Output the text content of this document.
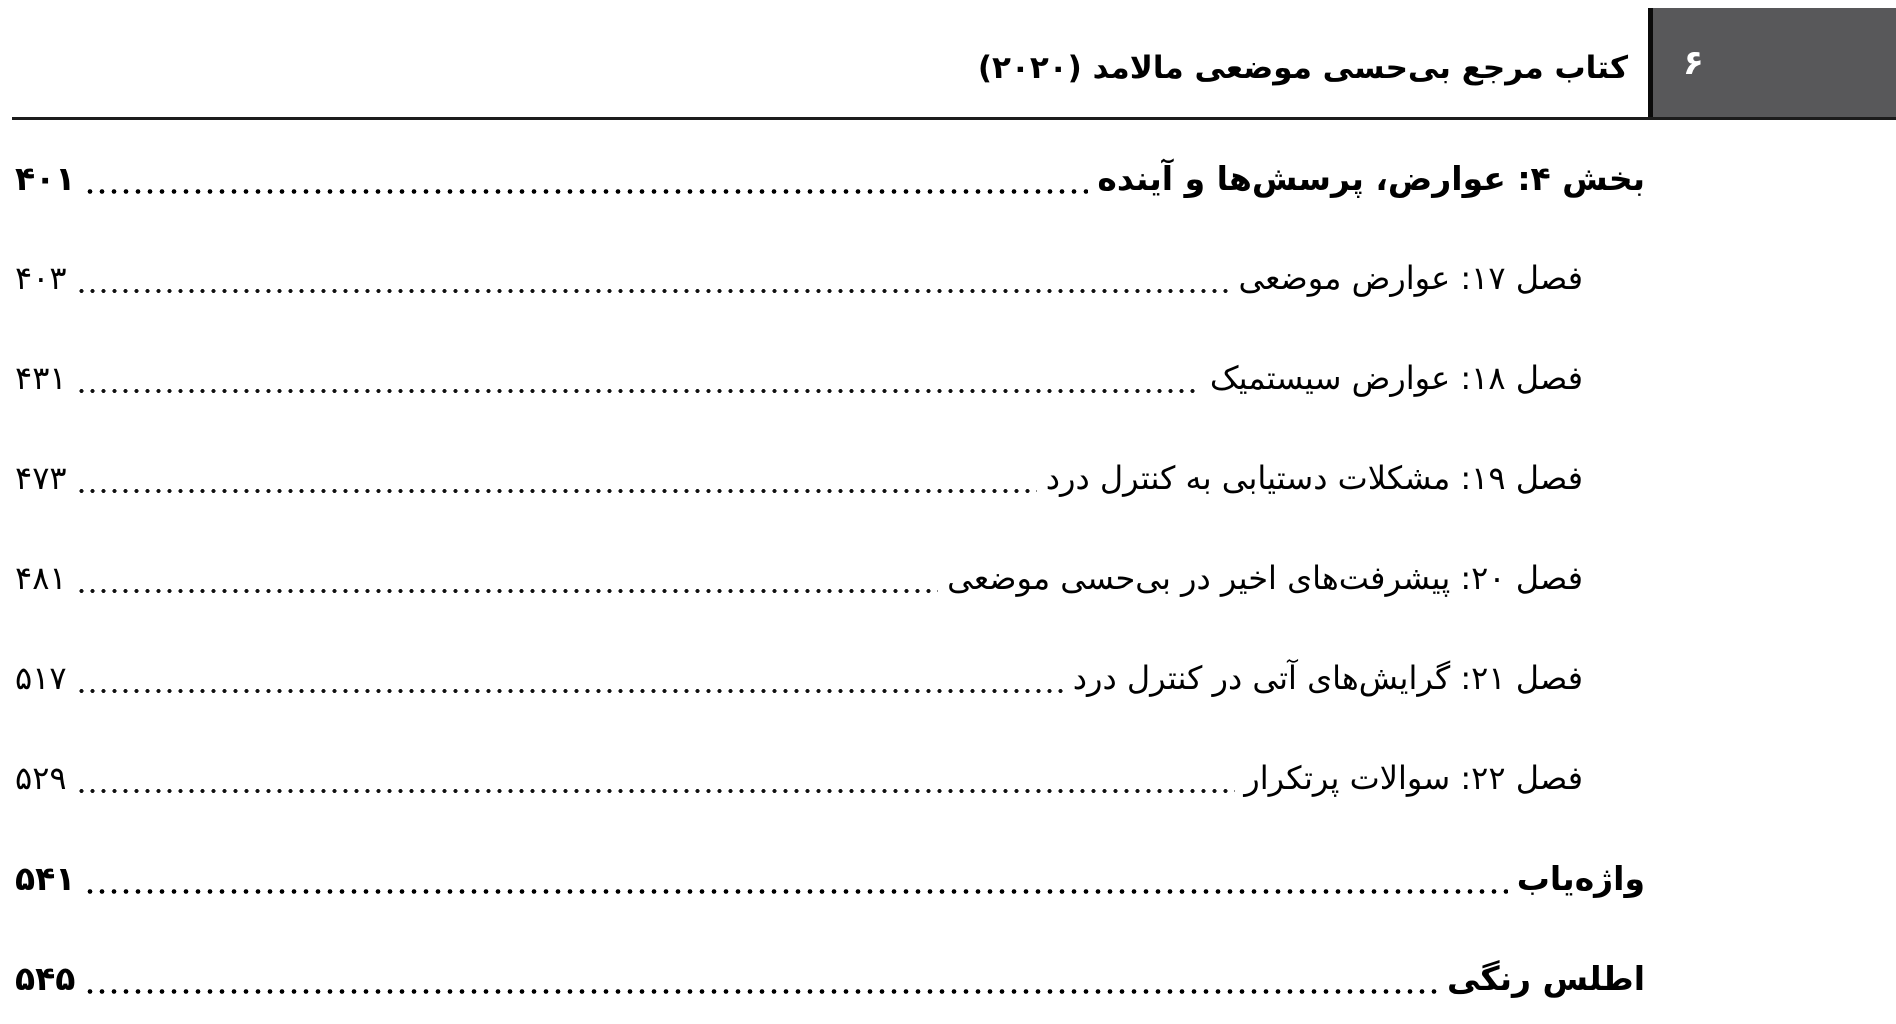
کتاب مرجع بی‌حسی موضعی مالامد (۲۰۲۰)	۶
بخش ۴: عوارض، پرسش‌ها و آینده
۴۰۱
فصل ۱۷: عوارض موضعی
۴۰۳
فصل ۱۸: عوارض سیستمیک
۴۳۱
فصل ۱۹: مشکلات دستیابی به کنترل درد
۴۷۳
فصل ۲۰: پیشرفت‌های اخیر در بی‌حسی موضعی
۴۸۱
فصل ۲۱: گرایش‌های آتی در کنترل درد
۵۱۷
فصل ۲۲: سوالات پرتکرار
۵۲۹
واژه‌یاب
۵۴۱
اطلس رنگی
۵۴۵
